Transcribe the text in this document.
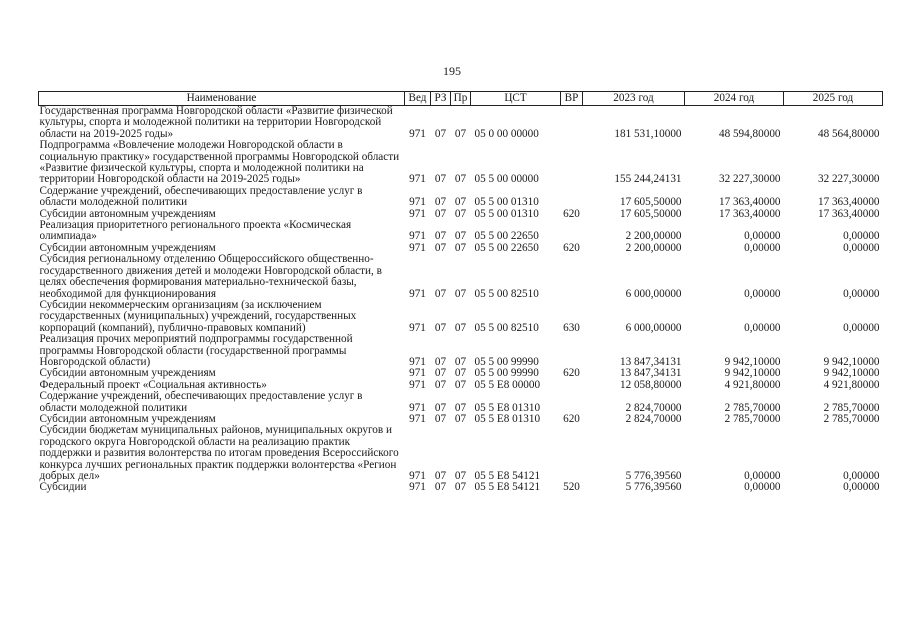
195
Наименование	Вед	РЗ	Пр	ЦСТ	ВР	2023 год	2024 год	2025 год
Государственная программа Новгородской области «Развитие физической культуры, спорта и молодежной политики на территории Новгородской области на 2019-2025 годы»	971	07	07	05 0 00 00000		181 531,10000	48 594,80000	48 564,80000
Подпрограмма «Вовлечение молодежи Новгородской области в социальную практику» государственной программы Новгородской области «Развитие физической культуры, спорта и молодежной политики на территории Новгородской области на 2019-2025 годы»	971	07	07	05 5 00 00000		155 244,24131	32 227,30000	32 227,30000
Содержание учреждений, обеспечивающих предоставление услуг в области молодежной политики	971	07	07	05 5 00 01310		17 605,50000	17 363,40000	17 363,40000
Субсидии автономным учреждениям	971	07	07	05 5 00 01310	620	17 605,50000	17 363,40000	17 363,40000
Реализация приоритетного регионального проекта «Космическая олимпиада»	971	07	07	05 5 00 22650		2 200,00000	0,00000	0,00000
Субсидии автономным учреждениям	971	07	07	05 5 00 22650	620	2 200,00000	0,00000	0,00000
Субсидия региональному отделению Общероссийского общественно-государственного движения детей и молодежи Новгородской области, в целях обеспечения формирования материально-технической базы, необходимой для функционирования	971	07	07	05 5 00 82510		6 000,00000	0,00000	0,00000
Субсидии некоммерческим организациям (за исключением государственных (муниципальных) учреждений, государственных корпораций (компаний), публично-правовых компаний)	971	07	07	05 5 00 82510	630	6 000,00000	0,00000	0,00000
Реализация прочих мероприятий подпрограммы государственной программы Новгородской области (государственной программы Новгородской области)	971	07	07	05 5 00 99990		13 847,34131	9 942,10000	9 942,10000
Субсидии автономным учреждениям	971	07	07	05 5 00 99990	620	13 847,34131	9 942,10000	9 942,10000
Федеральный проект «Социальная активность»	971	07	07	05 5 E8 00000		12 058,80000	4 921,80000	4 921,80000
Содержание учреждений, обеспечивающих предоставление услуг в области молодежной политики	971	07	07	05 5 E8 01310		2 824,70000	2 785,70000	2 785,70000
Субсидии автономным учреждениям	971	07	07	05 5 E8 01310	620	2 824,70000	2 785,70000	2 785,70000
Субсидии бюджетам муниципальных районов, муниципальных округов и городского округа Новгородской области на реализацию практик поддержки и развития волонтерства по итогам проведения Всероссийского конкурса лучших региональных практик поддержки волонтерства «Регион добрых дел»	971	07	07	05 5 E8 54121		5 776,39560	0,00000	0,00000
Субсидии	971	07	07	05 5 E8 54121	520	5 776,39560	0,00000	0,00000
